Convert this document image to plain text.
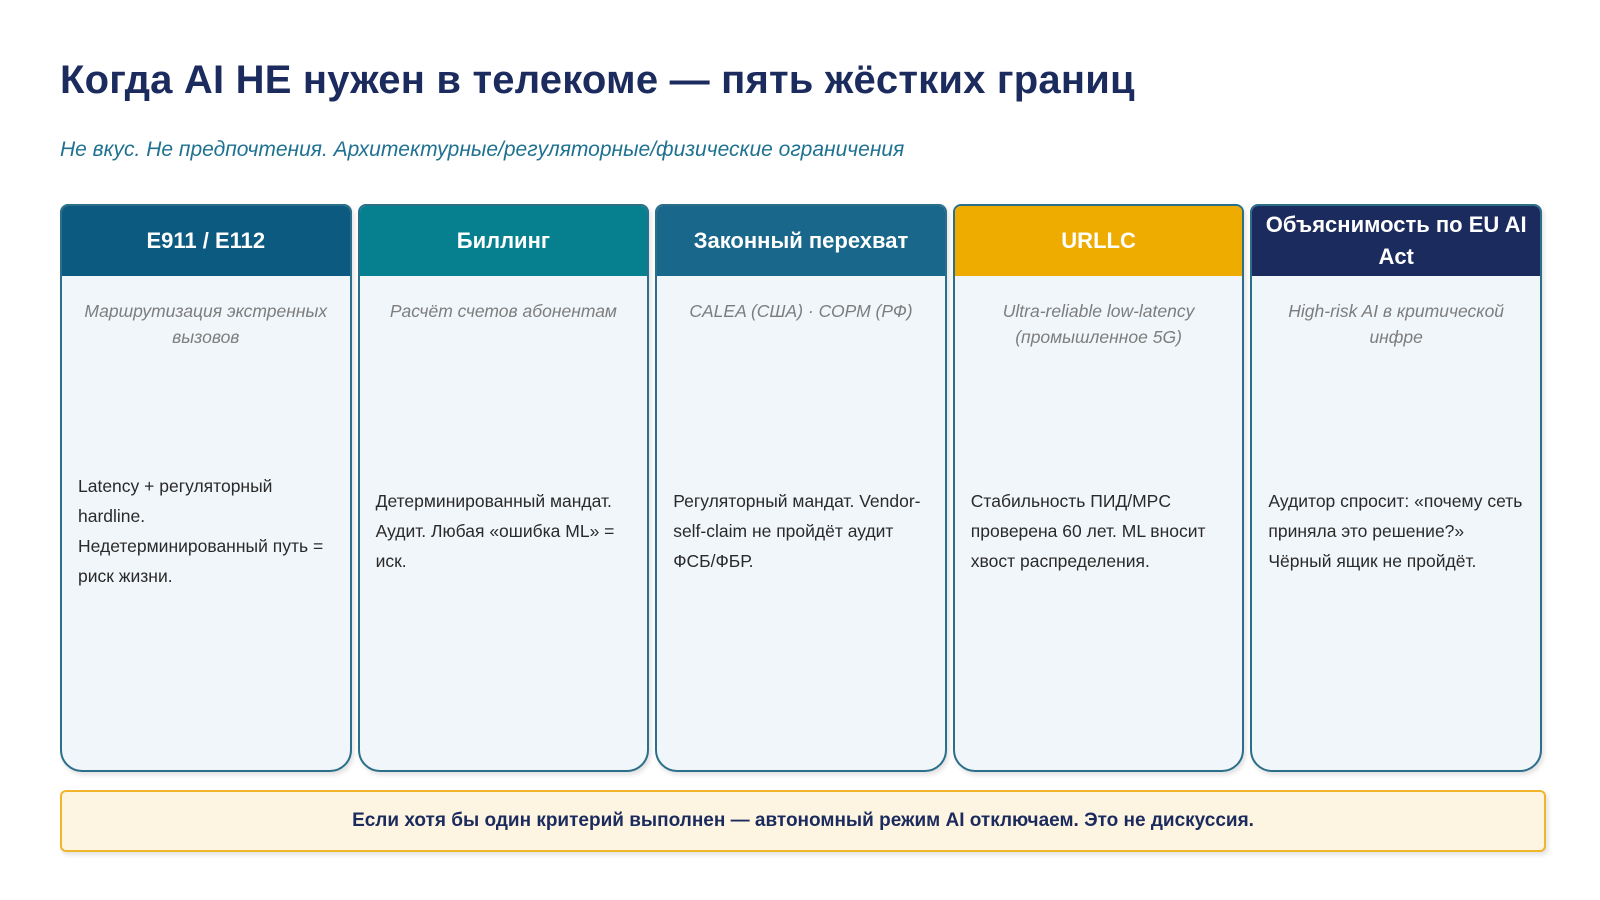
Когда AI НЕ нужен в телекоме — пять жёстких границ
Не вкус. Не предпочтения. Архитектурные/регуляторные/физические ограничения
E911 / E112
Маршрутизация экстренных вызовов
Latency + регуляторный hardline.
Недетерминированный путь = риск жизни.
Биллинг
Расчёт счетов абонентам
Детерминированный мандат. Аудит. Любая «ошибка ML» = иск.
Законный перехват
CALEA (США) · СОРМ (РФ)
Регуляторный мандат. Vendor-self-claim не пройдёт аудит ФСБ/ФБР.
URLLC
Ultra-reliable low-latency (промышленное 5G)
Стабильность ПИД/MPC проверена 60 лет. ML вносит хвост распределения.
Объяснимость по EU AI Act
High-risk AI в критической инфре
Аудитор спросит: «почему сеть приняла это решение?»
Чёрный ящик не пройдёт.
Если хотя бы один критерий выполнен — автономный режим AI отключаем. Это не дискуссия.
